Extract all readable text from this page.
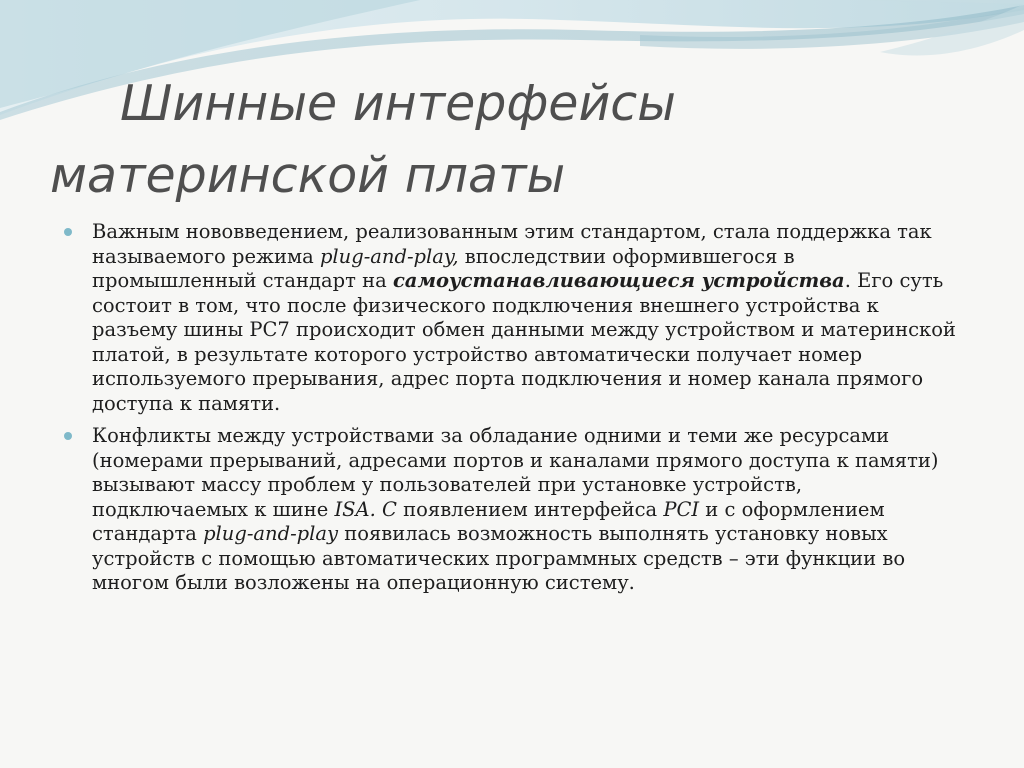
Шинные интерфейсы
материнской платы
Важным нововведением, реализованным этим стандартом, стала поддержка так называемого режима plug-and-play, впоследствии оформившегося в промышленный стандарт на самоустанавливающиеся устройства. Его суть состоит в том, что после физического подключения внешнего устройства к разъему шины РС7 происходит обмен данными между устройством и материнской платой, в результате которого устройство автоматически получает номер используемого прерывания, адрес порта подключения и номер канала прямого доступа к памяти.
Конфликты между устройствами за обладание одними и теми же ресурсами (номерами прерываний, адресами портов и каналами прямого доступа к памяти) вызывают массу проблем у пользователей при установке устройств, подключаемых к шине ISA. С появлением интерфейса PCI и с оформлением стандарта plug-and-play появилась возможность выполнять установку новых устройств с помощью автоматических программных средств – эти функции во многом были возложены на операционную систему.
